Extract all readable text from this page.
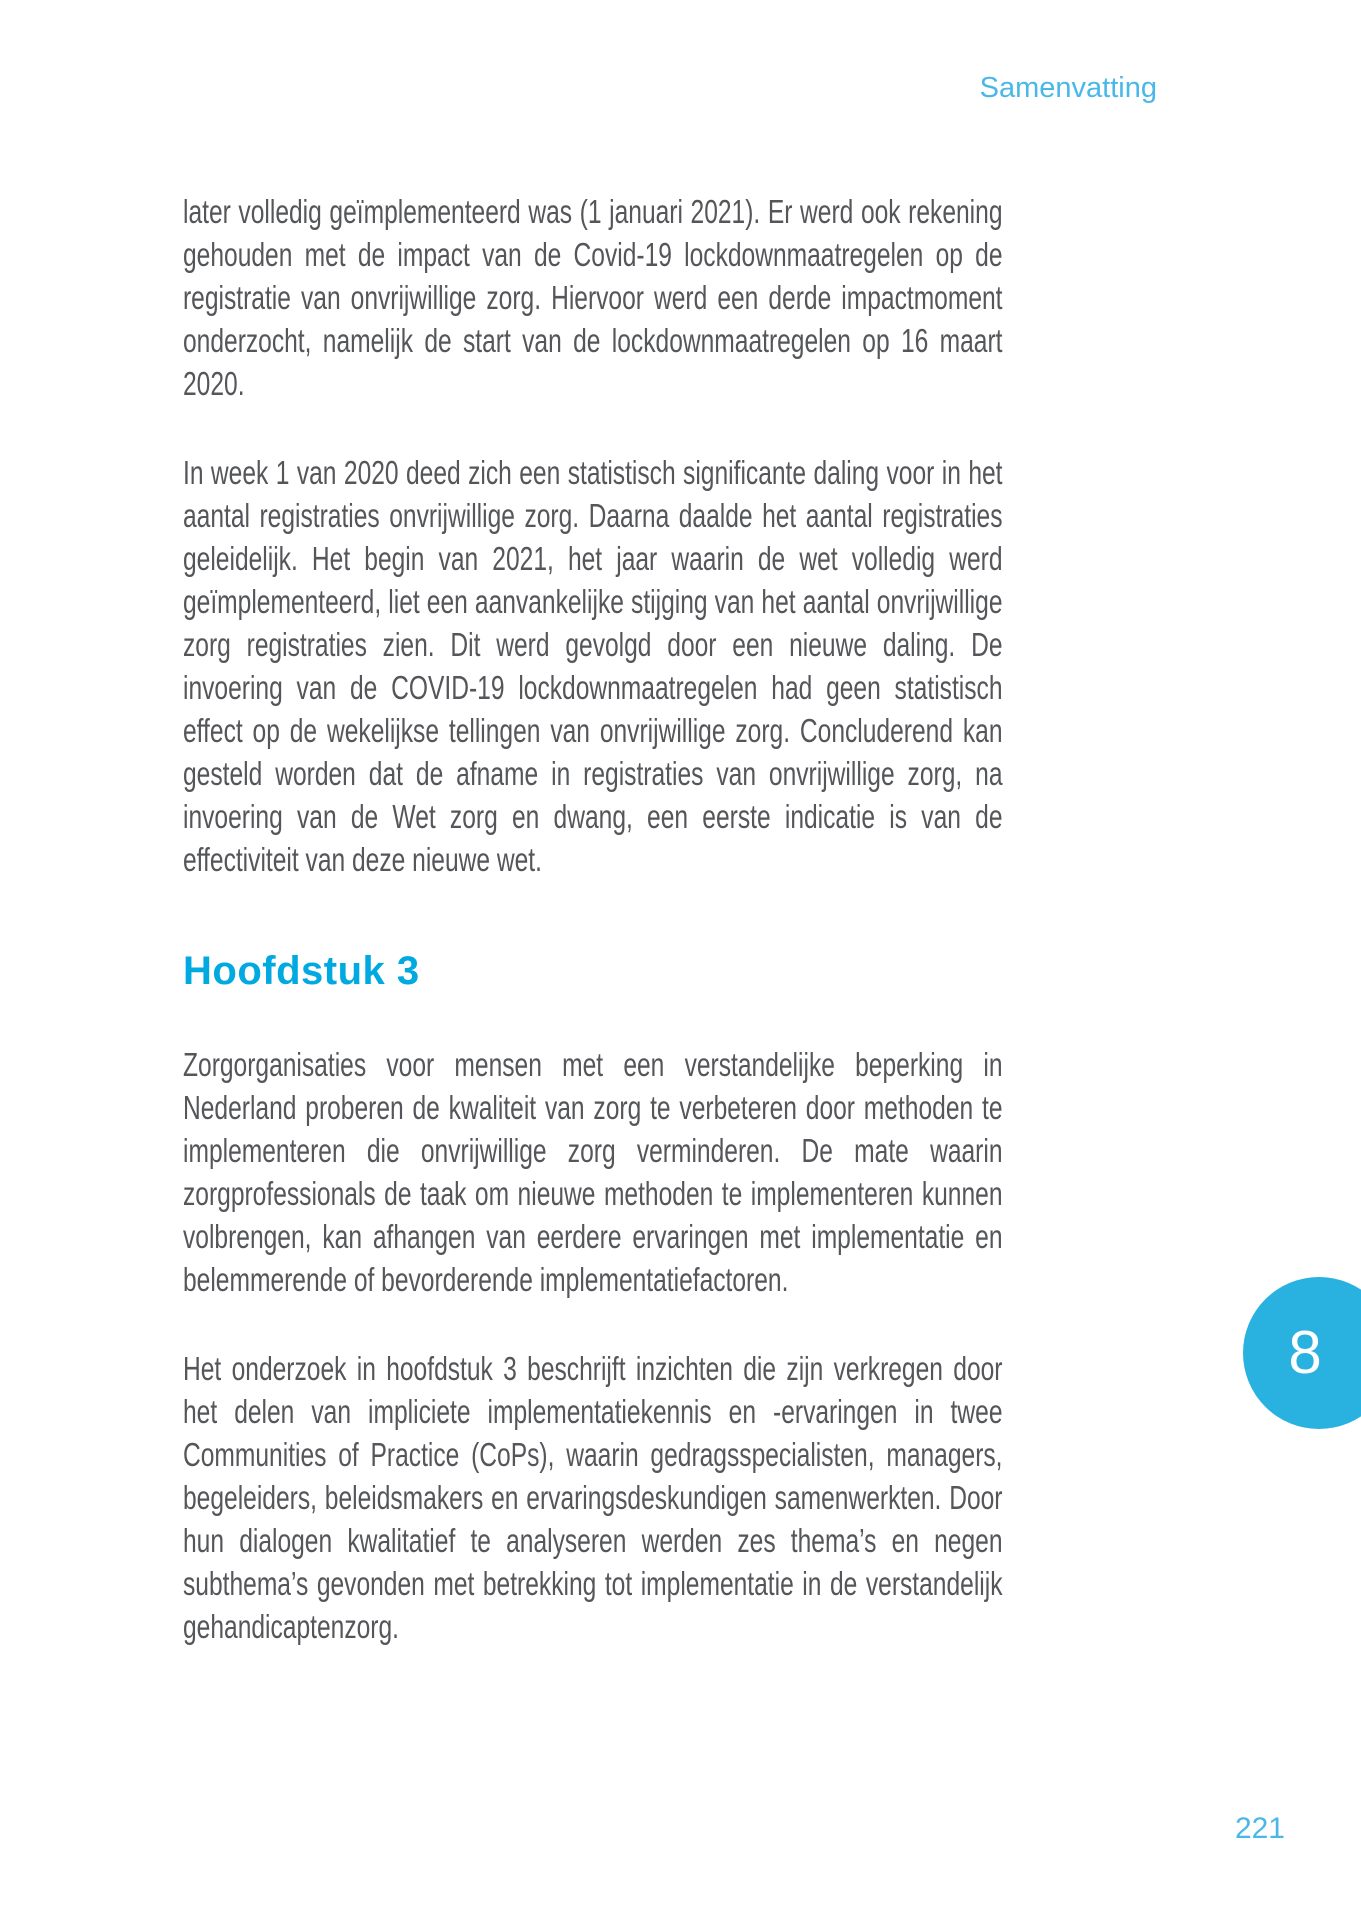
Samenvatting

later volledig geïmplementeerd was (1 januari 2021). Er werd ook rekening gehouden met de impact van de Covid-19 lockdownmaatregelen op de registratie van onvrijwillige zorg. Hiervoor werd een derde impactmoment onderzocht, namelijk de start van de lockdownmaatregelen op 16 maart 2020.

In week 1 van 2020 deed zich een statistisch significante daling voor in het aantal registraties onvrijwillige zorg. Daarna daalde het aantal registraties geleidelijk. Het begin van 2021, het jaar waarin de wet volledig werd geïmplementeerd, liet een aanvankelijke stijging van het aantal onvrijwillige zorg registraties zien. Dit werd gevolgd door een nieuwe daling. De invoering van de COVID-19 lockdownmaatregelen had geen statistisch effect op de wekelijkse tellingen van onvrijwillige zorg. Concluderend kan gesteld worden dat de afname in registraties van onvrijwillige zorg, na invoering van de Wet zorg en dwang, een eerste indicatie is van de effectiviteit van deze nieuwe wet.

Hoofdstuk 3

Zorgorganisaties voor mensen met een verstandelijke beperking in Nederland proberen de kwaliteit van zorg te verbeteren door methoden te implementeren die onvrijwillige zorg verminderen. De mate waarin zorgprofessionals de taak om nieuwe methoden te implementeren kunnen volbrengen, kan afhangen van eerdere ervaringen met implementatie en belemmerende of bevorderende implementatiefactoren.

Het onderzoek in hoofdstuk 3 beschrijft inzichten die zijn verkregen door het delen van impliciete implementatiekennis en -ervaringen in twee Communities of Practice (CoPs), waarin gedragsspecialisten, managers, begeleiders, beleidsmakers en ervaringsdeskundigen samenwerkten. Door hun dialogen kwalitatief te analyseren werden zes thema’s en negen subthema’s gevonden met betrekking tot implementatie in de verstandelijk gehandicaptenzorg.

8
221
